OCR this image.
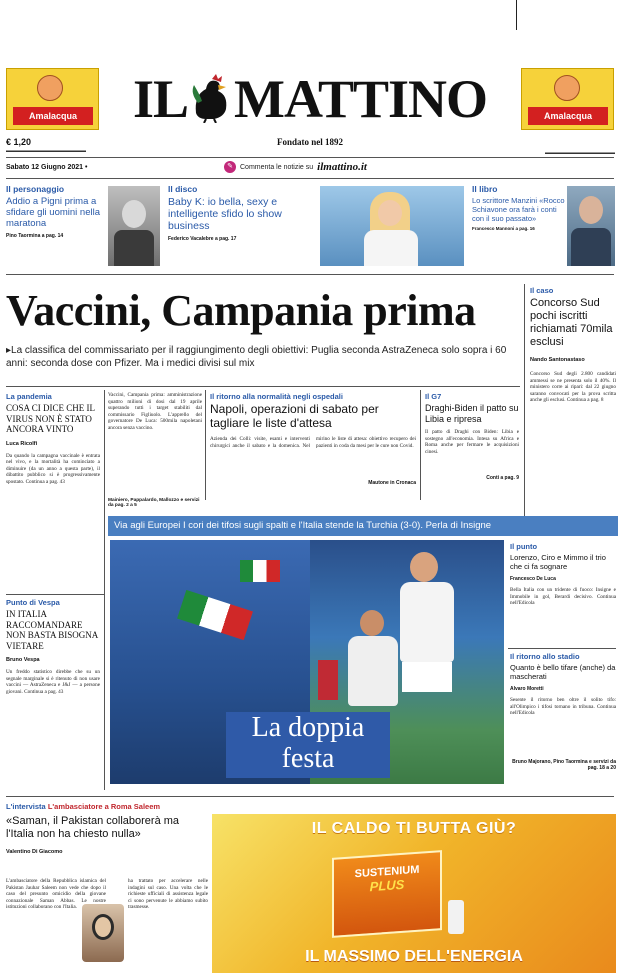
Amalacqua	Amalacqua
IL MATTINO
€ 1,20
▬▬▬▬▬▬▬▬▬▬▬▬▬▬▬▬
Fondato nel 1892
▬▬▬▬▬▬▬▬▬▬▬▬▬▬
Sabato 12 Giugno 2021 •	✎	Commenta le notizie su ilmattino.it
Il personaggio
Addio a Pigni prima a sfidare gli uomini nella maratona
Pino Taormina a pag. 14
Il disco
Baby K: io bella, sexy e intelligente sfido lo show business
Federico Vacalebre a pag. 17
Il libro
Lo scrittore Manzini «Rocco Schiavone ora farà i conti con il suo passato»
Francesco Mannoni a pag. 16
Vaccini, Campania prima
▸La classifica del commissariato per il raggiungimento degli obiettivi: Puglia seconda AstraZeneca solo sopra i 60 anni: seconda dose con Pfizer. Ma i medici divisi sul mix
Il caso
Concorso Sud pochi iscritti richiamati 70mila esclusi
Nando Santonastaso
Concorso Sud degli 2.800 candidati ammessi se ne presenta solo il 40%. Il ministero corre ai ripari: dal 22 giugno saranno convocati per la prova scritta anche gli esclusi. Continua a pag. 8
La pandemia
COSA CI DICE CHE IL VIRUS NON È STATO ANCORA VINTO
Luca Ricolfi
Da quando la campagna vaccinale è entrata nel vivo, e la mortalità ha cominciato a diminuire (da un anno a questa parte), il dibattito pubblico si è progressivamente spostato. Continua a pag. 43
Vaccini, Campania prima: amministrazione quattro milioni di dosi dal 19 aprile superando tutti i target stabiliti dal commissario Figliuolo. L'apprello del governatore De Luca: 500mila napoletani ancora senza vaccino.
Mainiero, Pappalardo, Mallozzo e servizi da pag. 2 a 5
Il ritorno alla normalità negli ospedali
Napoli, operazioni di sabato per tagliare le liste d'attesa
Azienda dei Colli: visite, esami e interventi chirurgici anche il sabato e la domenica. Nel mirino le liste di attesa: obiettivo recupero dei pazienti in coda da mesi per le cure non Covid.
Mautone in Cronaca
Il G7
Draghi-Biden il patto su Libia e ripresa
Il patto di Draghi con Biden: Libia e sostegno all'economia. Intesa su Africa e Roma anche per fermare le acquisizioni cinesi.
Conti a pag. 9
Via agli Europei I cori dei tifosi sugli spalti e l'Italia stende la Turchia (3-0). Perla di Insigne
Punto di Vespa
IN ITALIA RACCOMANDARE NON BASTA BISOGNA VIETARE
Bruno Vespa
Un freddo statistico direbbe che su un segnale marginale si è ritenuto di non usare vaccini — AstraZeneca e J&J — a persone giovani. Continua a pag. 43
La doppia
festa
Il punto
Lorenzo, Ciro e Mimmo il trio che ci fa sognare
Francesco De Luca
Bella Italia con un tridente di fuoco: Insigne e Immobile in gol, Berardi decisivo. Continua nell'Edicola
Il ritorno allo stadio
Quanto è bello tifare (anche) da mascherati
Alvaro Moretti
Sesente il ritorno ben oltre il solito tifo: all'Olimpico i tifosi tornano in tribuna. Continua nell'Edicola
Bruno Majorano, Pino Taormina e servizi da pag. 18 a 20
L'intervista L'ambasciatore a Roma Saleem
«Saman, il Pakistan collaborerà ma l'Italia non ha chiesto nulla»
Valentino Di Giacomo
L'ambasciatore della Repubblica islamica del Pakistan Jauhar Saleem non vede che dopo il caso del presunto omicidio della giovane connazionale Saman Abbas. Le nostre istituzioni collaborano con l'Italia.
ha trattato per accelerare nelle indagini sul caso. Una volta che le richieste ufficiali di assistenza legale ci sono pervenute le abbiamo subito trasmesse.
IL CALDO TI BUTTA GIÙ?
SUSTENIUM
PLUS
IL MASSIMO DELL'ENERGIA
